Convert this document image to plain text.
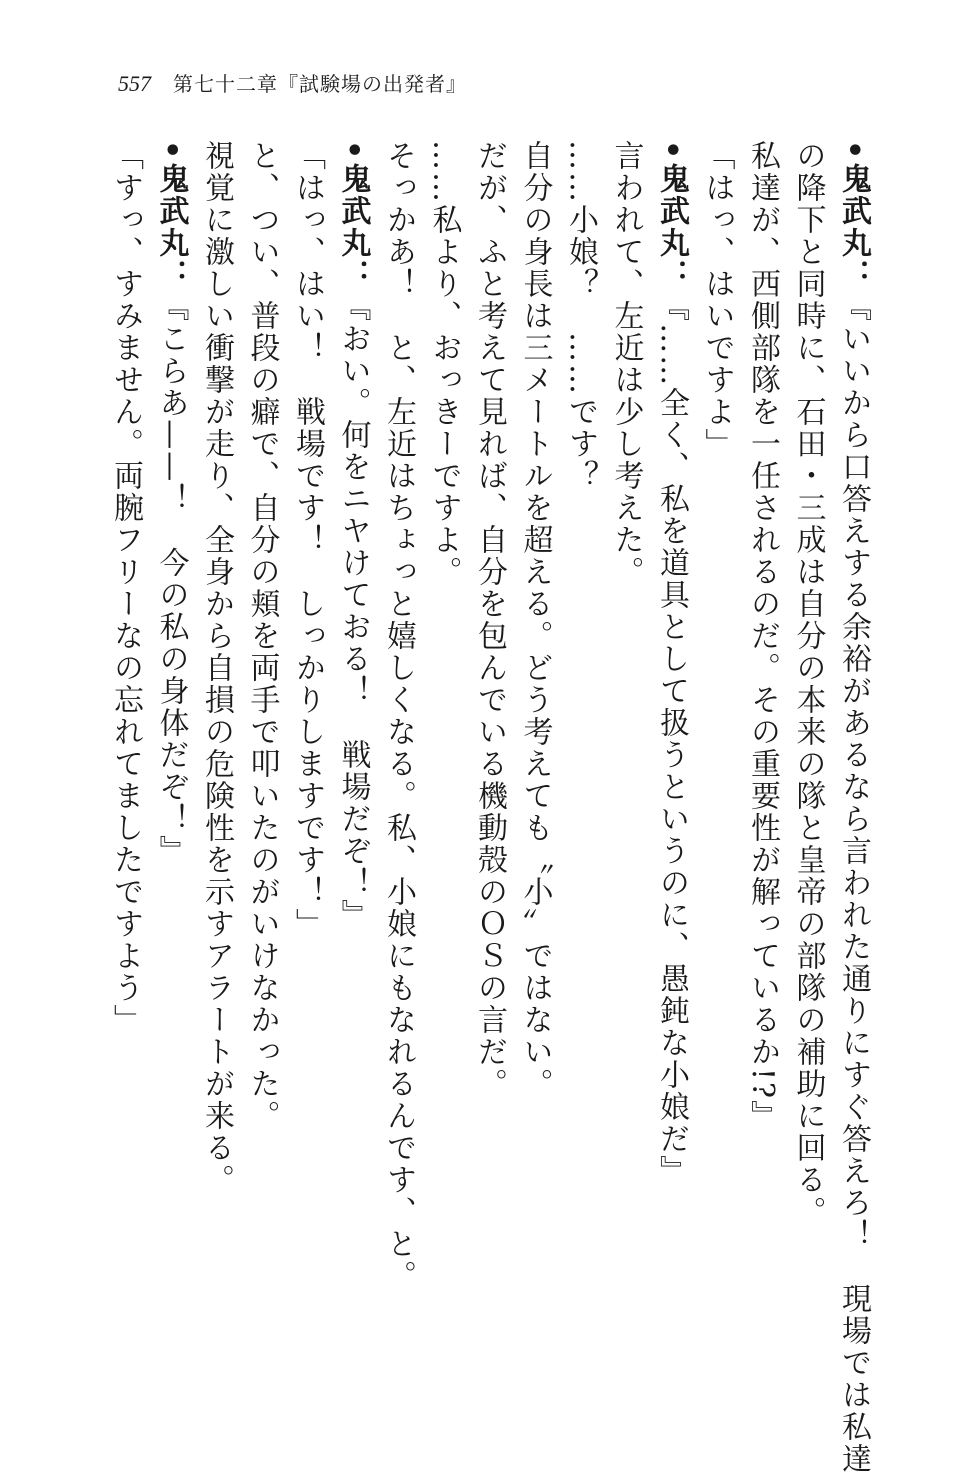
557 第七十二章『試験場の出発者』
•鬼武丸：『いいから口答えする余裕があるなら言われた通りにすぐ答えろ！　現場では私達
の降下と同時に、石田・三成は自分の本来の隊と皇帝の部隊の補助に回る。
私達が、西側部隊を一任されるのだ。その重要性が解っているか!?』
「はっ、はいですよ」
•鬼武丸：『……全く、私を道具として扱うというのに、愚鈍な小娘だ』
言われて、左近は少し考えた。
……小娘？　……です？
自分の身長は三メートルを超える。どう考えても〝小〟ではない。
だが、ふと考えて見れば、自分を包んでいる機動殻のＯＳの言だ。
……私より、おっきーですよ。
そっかあ！　と、左近はちょっと嬉しくなる。私、小娘にもなれるんです、と。
•鬼武丸：『おい。何をニヤけておる！　戦場だぞ！』
「はっ、はい！　戦場です！　しっかりしますです！」
と、つい、普段の癖で、自分の頬を両手で叩いたのがいけなかった。
視覚に激しい衝撃が走り、全身から自損の危険性を示すアラートが来る。
•鬼武丸：『こらあ——！　今の私の身体だぞ！』
「すっ、すみません。両腕フリーなの忘れてましたですよう」
